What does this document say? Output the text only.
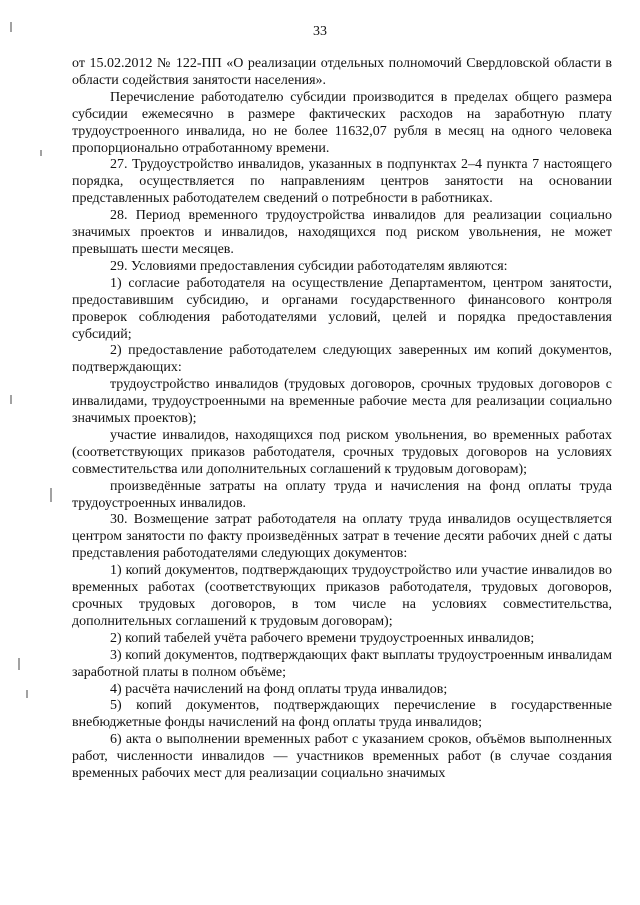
33

от 15.02.2012 № 122-ПП «О реализации отдельных полномочий Свердловской области в области содействия занятости населения».

Перечисление работодателю субсидии производится в пределах общего размера субсидии ежемесячно в размере фактических расходов на заработную плату трудоустроенного инвалида, но не более 11632,07 рубля в месяц на одного человека пропорционально отработанному времени.

27. Трудоустройство инвалидов, указанных в подпунктах 2–4 пункта 7 настоящего порядка, осуществляется по направлениям центров занятости на основании представленных работодателем сведений о потребности в работниках.

28. Период временного трудоустройства инвалидов для реализации социально значимых проектов и инвалидов, находящихся под риском увольнения, не может превышать шести месяцев.

29. Условиями предоставления субсидии работодателям являются:

1) согласие работодателя на осуществление Департаментом, центром занятости, предоставившим субсидию, и органами государственного финансового контроля проверок соблюдения работодателями условий, целей и порядка предоставления субсидий;

2) предоставление работодателем следующих заверенных им копий документов, подтверждающих:

трудоустройство инвалидов (трудовых договоров, срочных трудовых договоров с инвалидами, трудоустроенными на временные рабочие места для реализации социально значимых проектов);

участие инвалидов, находящихся под риском увольнения, во временных работах (соответствующих приказов работодателя, срочных трудовых договоров на условиях совместительства или дополнительных соглашений к трудовым договорам);

произведённые затраты на оплату труда и начисления на фонд оплаты труда трудоустроенных инвалидов.

30. Возмещение затрат работодателя на оплату труда инвалидов осуществляется центром занятости по факту произведённых затрат в течение десяти рабочих дней с даты представления работодателями следующих документов:

1) копий документов, подтверждающих трудоустройство или участие инвалидов во временных работах (соответствующих приказов работодателя, трудовых договоров, срочных трудовых договоров, в том числе на условиях совместительства, дополнительных соглашений к трудовым договорам);

2) копий табелей учёта рабочего времени трудоустроенных инвалидов;

3) копий документов, подтверждающих факт выплаты трудоустроенным инвалидам заработной платы в полном объёме;

4) расчёта начислений на фонд оплаты труда инвалидов;

5) копий документов, подтверждающих перечисление в государственные внебюджетные фонды начислений на фонд оплаты труда инвалидов;

6) акта о выполнении временных работ с указанием сроков, объёмов выполненных работ, численности инвалидов — участников временных работ (в случае создания временных рабочих мест для реализации социально значимых
